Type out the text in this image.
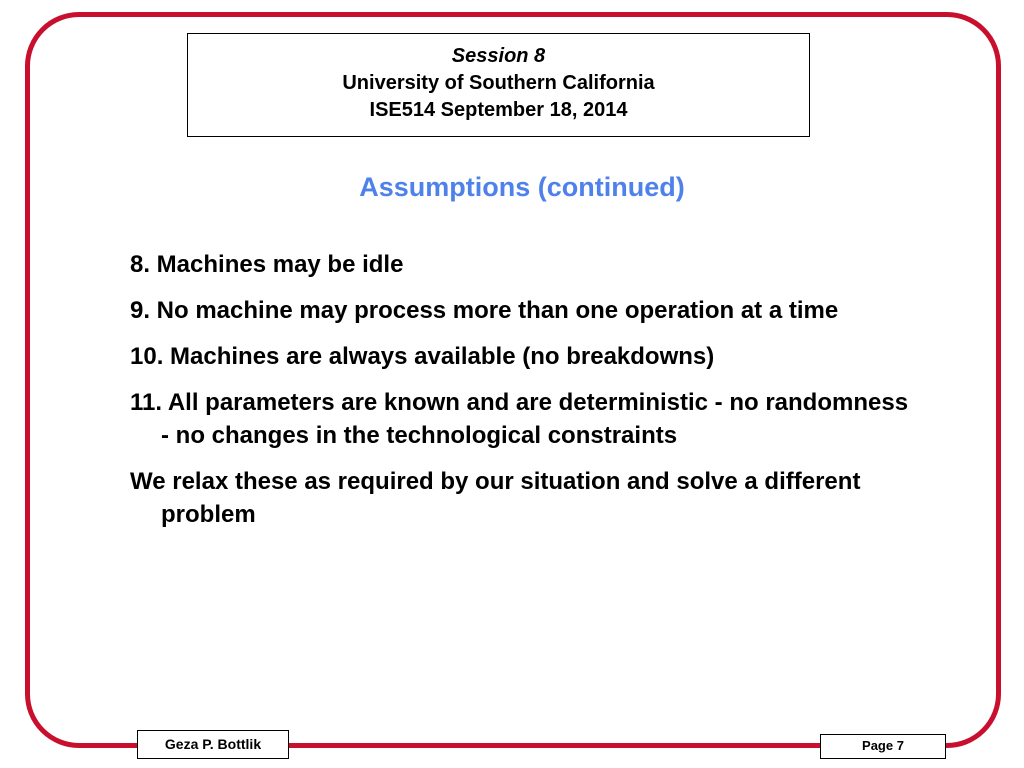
Session 8
University of Southern California
ISE514 September 18, 2014
Assumptions (continued)
8. Machines may be idle
9. No machine may process more than one operation at a time
10. Machines are always available (no breakdowns)
11. All parameters are known and are deterministic - no randomness - no changes in the technological constraints
We relax these as required by our situation and solve a different problem
Geza P. Bottlik	Page 7
